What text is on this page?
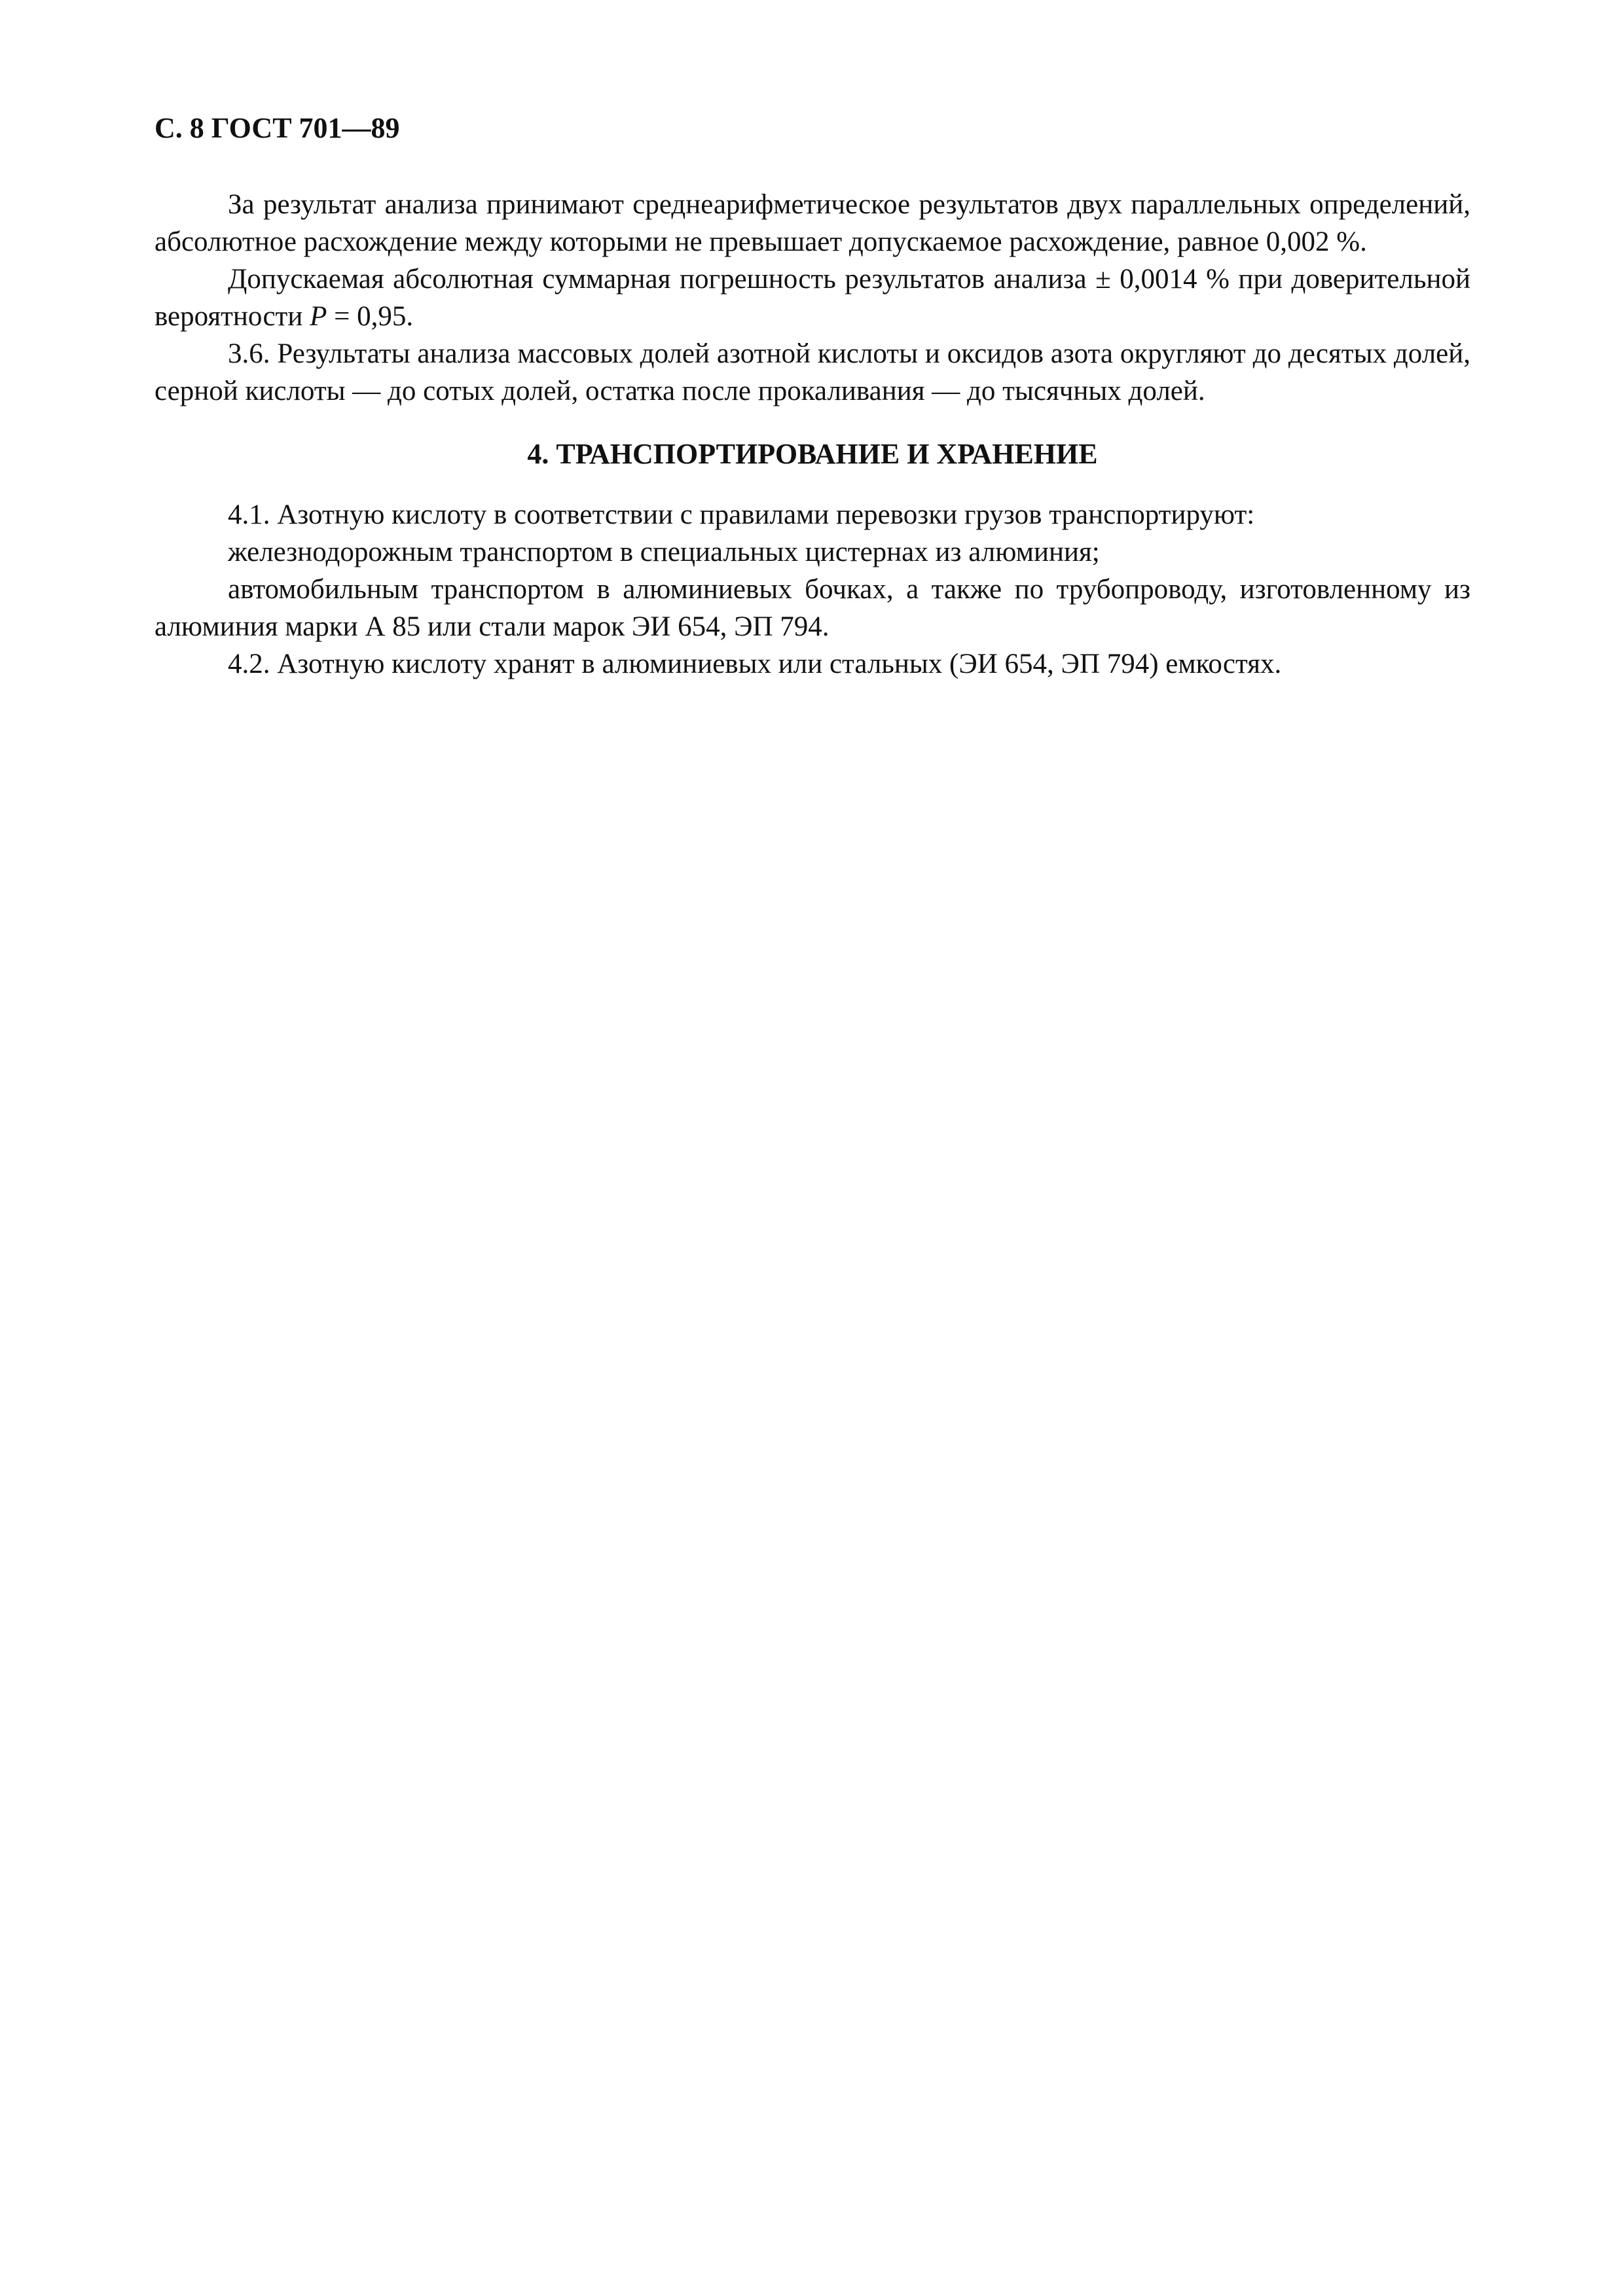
С. 8 ГОСТ 701—89

За результат анализа принимают среднеарифметическое результатов двух параллельных определений, абсолютное расхождение между которыми не превышает допускаемое расхождение, равное 0,002 %.

Допускаемая абсолютная суммарная погрешность результатов анализа ± 0,0014 % при доверительной вероятности P = 0,95.

3.6. Результаты анализа массовых долей азотной кислоты и оксидов азота округляют до десятых долей, серной кислоты — до сотых долей, остатка после прокаливания — до тысячных долей.

4. ТРАНСПОРТИРОВАНИЕ И ХРАНЕНИЕ

4.1. Азотную кислоту в соответствии с правилами перевозки грузов транспортируют:

железнодорожным транспортом в специальных цистернах из алюминия;

автомобильным транспортом в алюминиевых бочках, а также по трубопроводу, изготовленному из алюминия марки А 85 или стали марок ЭИ 654, ЭП 794.

4.2. Азотную кислоту хранят в алюминиевых или стальных (ЭИ 654, ЭП 794) емкостях.
